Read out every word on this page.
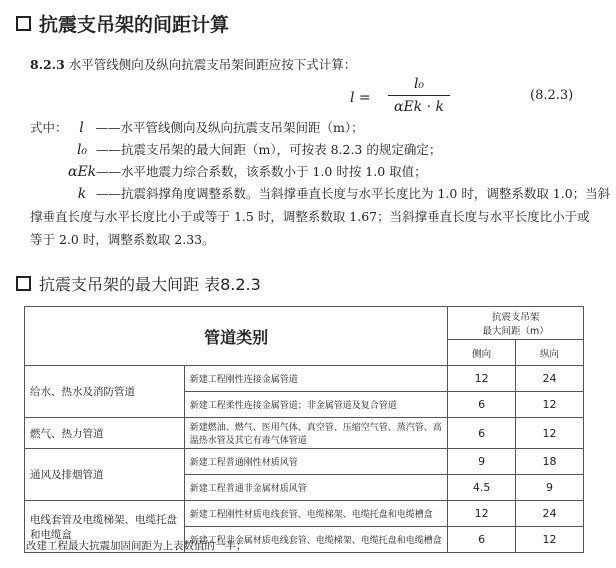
抗震支吊架的间距计算
8.2.3 水平管线侧向及纵向抗震支吊架间距应按下式计算：
l =
l₀
αEk · k
(8.2.3)
式中： l ——水平管线侧向及纵向抗震支吊架间距（m）；
l₀ ——抗震支吊架的最大间距（m），可按表 8.2.3 的规定确定；
αEk——水平地震力综合系数，该系数小于 1.0 时按 1.0 取值；
k ——抗震斜撑角度调整系数。当斜撑垂直长度与水平长度比为 1.0 时，调整系数取 1.0；当斜
撑垂直长度与水平长度比小于或等于 1.5 时，调整系数取 1.67；当斜撑垂直长度与水平长度比小于或
等于 2.0 时，调整系数取 2.33。
抗震支吊架的最大间距 表8.2.3
管道类别		抗震支吊架
最大间距（m）	
		侧向	纵向
给水、热水及消防管道	新建工程刚性连接金属管道	12	24
	新建工程柔性连接金属管道；非金属管道及复合管道	6	12
燃气、热力管道	新建燃油、燃气、医用气体、真空管、压缩空气管、蒸汽管、高温热水管及其它有毒气体管道	6	12
通风及排烟管道	新建工程普通刚性材质风管	9	18
	新建工程普通非金属材质风管	4.5	9
电线套管及电缆梯架、电缆托盘和电缆盒	新建工程刚性材质电线套管、电缆梯架、电缆托盘和电缆槽盒	12	24
	新建工程非金属材质电线套管、电缆梯架、电缆托盘和电缆槽盒	6	12
改建工程最大抗震加固间距为上表数值的一半；
